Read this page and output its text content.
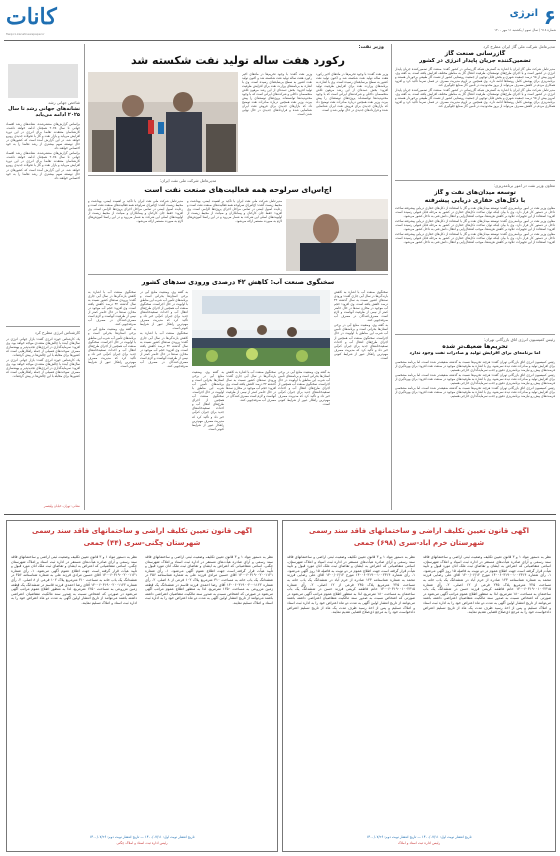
کانات
fiwqo1.kanatnewspaper.ir
۶
انرژی
شماره ۹۱۸ / سال سوم / یکشنبه ۱۱ مهر ۱۴۰۰
شاخص جهانی رشد
نشانه‌های جهانی رشد تا سال ۲۰۲۵ ادامه می‌یابد

براساس گزارش‌های منتشرشده، نشانه‌های رشد اقتصاد جهانی تا سال ۲۰۲۵ همچنان ادامه خواهد داشت. کارشناسان معتقدند تقاضا برای انرژی در این دوره افزایش می‌یابد و بازار نفت و گاز با تحولات جدیدی روبرو خواهد شد. در این گزارش آمده است که کشورهای در حال توسعه سهم بیشتری از رشد تقاضا را به خود اختصاص خواهند داد.

براساس گزارش‌های منتشرشده، نشانه‌های رشد اقتصاد جهانی تا سال ۲۰۲۵ همچنان ادامه خواهد داشت. کارشناسان معتقدند تقاضا برای انرژی در این دوره افزایش می‌یابد و بازار نفت و گاز با تحولات جدیدی روبرو خواهد شد. در این گزارش آمده است که کشورهای در حال توسعه سهم بیشتری از رشد تقاضا را به خود اختصاص خواهند داد.

کارشناس انرژی مطرح کرد

یک کارشناس حوزه انرژی گفت: بازار جهانی انرژی در سال‌های آینده با چالش‌های متعددی مواجه خواهد بود. وی افزود: سرمایه‌گذاری در انرژی‌های تجدیدپذیر و بهینه‌سازی مصرف سوخت‌های فسیلی از جمله راهکارهایی است که کشورها برای مقابله با این چالش‌ها در پیش گرفته‌اند.

یک کارشناس حوزه انرژی گفت: بازار جهانی انرژی در سال‌های آینده با چالش‌های متعددی مواجه خواهد بود. وی افزود: سرمایه‌گذاری در انرژی‌های تجدیدپذیر و بهینه‌سازی مصرف سوخت‌های فسیلی از جمله راهکارهایی است که کشورها برای مقابله با این چالش‌ها در پیش گرفته‌اند.

نشانی: تهران، خیابان ولیعصر
وزیر نفت:
رکورد هفت ساله تولید نفت شکسته شد

وزیر نفت گفت: با وجود تحریم‌ها در ماه‌های اخیر رکورد هفت ساله تولید نفت شکسته شد و اکنون تولید نفت کشور به سطح بی‌سابقه‌ای رسیده است. وی با اشاره به برنامه‌های وزارت نفت برای افزایش ظرفیت تولید افزود: بخش عمده‌ای از این رشد مرهون تلاش متخصصان داخلی و شرکت‌های ایرانی است که با وجود محدودیت‌ها توانسته‌اند پروژه‌های توسعه‌ای را پیش ببرند. وزیر نفت همچنین درباره صادرات نفت توضیح داد که بازارهای جدیدی برای فروش نفت ایران شناسایی شده و قراردادهای جدیدی در حال نهایی شدن است.

وزیر نفت گفت: با وجود تحریم‌ها در ماه‌های اخیر رکورد هفت ساله تولید نفت شکسته شد و اکنون تولید نفت کشور به سطح بی‌سابقه‌ای رسیده است. وی با اشاره به برنامه‌های وزارت نفت برای افزایش ظرفیت تولید افزود: بخش عمده‌ای از این رشد مرهون تلاش متخصصان داخلی و شرکت‌های ایرانی است که با وجود محدودیت‌ها توانسته‌اند پروژه‌های توسعه‌ای را پیش ببرند. وزیر نفت همچنین درباره صادرات نفت توضیح داد که بازارهای جدیدی برای فروش نفت ایران شناسایی شده و قراردادهای جدیدی در حال نهایی شدن است.

مدیرعامل شرکت ملی گاز ایران مطرح کرد
گازرسانی صنعت گاز
تضمین‌کننده جریان پایدار انرژی در کشور

مدیرعامل شرکت ملی گاز ایران با اشاره به گسترش شبکه گازرسانی در کشور گفت: صنعت گاز تضمین‌کننده جریان پایدار انرژی در کشور است و با اجرای طرح‌های توسعه‌ای، ظرفیت انتقال گاز به مناطق مختلف افزایش یافته است. به گفته وی، امروز بیش از ۹۵ درصد جمعیت شهری و بخش قابل توجهی از جمعیت روستایی کشور از نعمت گاز طبیعی برخوردار هستند و برنامه‌ریزی برای پوشش کامل روستاها ادامه دارد. وی همچنین بر لزوم مدیریت مصرف در فصل سرما تأکید کرد و افزود همکاری مردم در کاهش مصرف می‌تواند از بروز محدودیت در تأمین گاز صنایع جلوگیری کند.

مدیرعامل شرکت ملی گاز ایران با اشاره به گسترش شبکه گازرسانی در کشور گفت: صنعت گاز تضمین‌کننده جریان پایدار انرژی در کشور است و با اجرای طرح‌های توسعه‌ای، ظرفیت انتقال گاز به مناطق مختلف افزایش یافته است. به گفته وی، امروز بیش از ۹۵ درصد جمعیت شهری و بخش قابل توجهی از جمعیت روستایی کشور از نعمت گاز طبیعی برخوردار هستند و برنامه‌ریزی برای پوشش کامل روستاها ادامه دارد. وی همچنین بر لزوم مدیریت مصرف در فصل سرما تأکید کرد و افزود همکاری مردم در کاهش مصرف می‌تواند از بروز محدودیت در تأمین گاز صنایع جلوگیری کند.

مدیرعامل شرکت ملی نفت ایران:
اچ‌اس‌ای سرلوحه همه فعالیت‌های صنعت نفت است

مدیرعامل شرکت ملی نفت ایران با تأکید بر اهمیت ایمنی، بهداشت و محیط زیست گفت: اچ‌اس‌ای سرلوحه همه فعالیت‌های صنعت نفت است و رعایت اصول ایمنی در تمامی مراحل اجرای پروژه‌ها الزامی است. وی افزود: حفظ جان کارکنان و پیمانکاران و صیانت از محیط زیست از اولویت‌های اصلی این شرکت به شمار می‌رود و در این راستا آموزش‌های لازم به صورت مستمر ارائه می‌شود.

مدیرعامل شرکت ملی نفت ایران با تأکید بر اهمیت ایمنی، بهداشت و محیط زیست گفت: اچ‌اس‌ای سرلوحه همه فعالیت‌های صنعت نفت است و رعایت اصول ایمنی در تمامی مراحل اجرای پروژه‌ها الزامی است. وی افزود: حفظ جان کارکنان و پیمانکاران و صیانت از محیط زیست از اولویت‌های اصلی این شرکت به شمار می‌رود و در این راستا آموزش‌های لازم به صورت مستمر ارائه می‌شود.

معاون وزیر نفت در امور برنامه‌ریزی:
توسعه میدان‌های نفت و گاز
با دکل‌های حفاری دریایی پیشرفته

معاون وزیر نفت در امور برنامه‌ریزی گفت: توسعه میدان‌های نفت و گاز با استفاده از دکل‌های حفاری دریایی پیشرفته ساخت داخل در دستور کار قرار دارد. وی با بیان اینکه توان ساخت دکل‌های حفاری در کشور به مرحله قابل قبولی رسیده است، افزود: استفاده از این تجهیزات علاوه بر کاهش هزینه‌ها، موجب اشتغال‌زایی و انتقال دانش فنی به داخل کشور می‌شود.

معاون وزیر نفت در امور برنامه‌ریزی گفت: توسعه میدان‌های نفت و گاز با استفاده از دکل‌های حفاری دریایی پیشرفته ساخت داخل در دستور کار قرار دارد. وی با بیان اینکه توان ساخت دکل‌های حفاری در کشور به مرحله قابل قبولی رسیده است، افزود: استفاده از این تجهیزات علاوه بر کاهش هزینه‌ها، موجب اشتغال‌زایی و انتقال دانش فنی به داخل کشور می‌شود.

معاون وزیر نفت در امور برنامه‌ریزی گفت: توسعه میدان‌های نفت و گاز با استفاده از دکل‌های حفاری دریایی پیشرفته ساخت داخل در دستور کار قرار دارد. وی با بیان اینکه توان ساخت دکل‌های حفاری در کشور به مرحله قابل قبولی رسیده است، افزود: استفاده از این تجهیزات علاوه بر کاهش هزینه‌ها، موجب اشتغال‌زایی و انتقال دانش فنی به داخل کشور می‌شود.

رئیس کمیسیون انرژی اتاق بازرگانی تهران:
تحریم‌ها ضعیف‌تر شده
اما برنامه‌ای برای افزایش تولید و صادرات نفت وجود ندارد

رئیس کمیسیون انرژی اتاق بازرگانی تهران گفت: هرچند تحریم‌ها نسبت به گذشته ضعیف‌تر شده است، اما برنامه مشخصی برای افزایش تولید و صادرات نفت دیده نمی‌شود. وی با اشاره به ظرفیت‌های موجود در صنعت نفت افزود: برای بهره‌گیری از فرصت‌های پیش رو نیازمند برنامه‌ریزی دقیق و جذب سرمایه‌گذاری خارجی هستیم.

رئیس کمیسیون انرژی اتاق بازرگانی تهران گفت: هرچند تحریم‌ها نسبت به گذشته ضعیف‌تر شده است، اما برنامه مشخصی برای افزایش تولید و صادرات نفت دیده نمی‌شود. وی با اشاره به ظرفیت‌های موجود در صنعت نفت افزود: برای بهره‌گیری از فرصت‌های پیش رو نیازمند برنامه‌ریزی دقیق و جذب سرمایه‌گذاری خارجی هستیم.

رئیس کمیسیون انرژی اتاق بازرگانی تهران گفت: هرچند تحریم‌ها نسبت به گذشته ضعیف‌تر شده است، اما برنامه مشخصی برای افزایش تولید و صادرات نفت دیده نمی‌شود. وی با اشاره به ظرفیت‌های موجود در صنعت نفت افزود: برای بهره‌گیری از فرصت‌های پیش رو نیازمند برنامه‌ریزی دقیق و جذب سرمایه‌گذاری خارجی هستیم.

سخنگوی صنعت آب: کاهش ۴۲ درصدی ورودی سدهای کشور

سخنگوی صنعت آب با اشاره به کاهش بارندگی‌ها در سال آبی جاری گفت: ورودی سدهای کشور نسبت به سال گذشته ۴۲ درصد کاهش یافته است. وی افزود: حجم آب موجود در مخازن سدها در حال حاضر کمتر از نیمی از ظرفیت آنهاست و لازم است مصرف‌کنندگان در مصرف آب صرفه‌جویی کنند.

به گفته وی، وضعیت منابع آبی در برخی استان‌ها بحرانی است و برنامه‌های تأمین آب شرب این مناطق با اولویت در حال اجراست. سخنگوی صنعت آب همچنین از اجرای طرح‌های انتقال آب و احداث تصفیه‌خانه‌های جدید برای جبران کم‌آبی خبر داد و تأکید کرد که مدیریت مصرف مهم‌ترین راهکار عبور از شرایط کنونی است.

به گفته وی، وضعیت منابع آبی در برخی استان‌ها بحرانی است و برنامه‌های تأمین آب شرب این مناطق با اولویت در حال اجراست. سخنگوی صنعت آب همچنین از اجرای طرح‌های انتقال آب و احداث تصفیه‌خانه‌های جدید برای جبران کم‌آبی خبر داد و تأکید کرد که مدیریت مصرف مهم‌ترین راهکار عبور از شرایط کنونی است.

سخنگوی صنعت آب با اشاره به کاهش بارندگی‌ها در سال آبی جاری گفت: ورودی سدهای کشور نسبت به سال گذشته ۴۲ درصد کاهش یافته است. وی افزود: حجم آب موجود در مخازن سدها در حال حاضر کمتر از نیمی از ظرفیت آنهاست و لازم است مصرف‌کنندگان در مصرف آب صرفه‌جویی کنند.

به گفته وی، وضعیت منابع آبی در برخی استان‌ها بحرانی است و برنامه‌های تأمین آب شرب این مناطق با اولویت در حال اجراست. سخنگوی صنعت آب همچنین از اجرای طرح‌های انتقال آب و احداث تصفیه‌خانه‌های جدید برای جبران کم‌آبی خبر داد و تأکید کرد که مدیریت مصرف مهم‌ترین راهکار عبور از شرایط کنونی است.

سخنگوی صنعت آب با اشاره به کاهش بارندگی‌ها در سال آبی جاری گفت: ورودی سدهای کشور نسبت به سال گذشته ۴۲ درصد کاهش یافته است. وی افزود: حجم آب موجود در مخازن سدها در حال حاضر کمتر از نیمی از ظرفیت آنهاست و لازم است مصرف‌کنندگان در مصرف آب صرفه‌جویی کنند.

سخنگوی صنعت آب با اشاره به کاهش بارندگی‌ها در سال آبی جاری گفت: ورودی سدهای کشور نسبت به سال گذشته ۴۲ درصد کاهش یافته است. وی افزود: حجم آب موجود در مخازن سدها در حال حاضر کمتر از نیمی از ظرفیت آنهاست و لازم است مصرف‌کنندگان در مصرف آب صرفه‌جویی کنند.

به گفته وی، وضعیت منابع آبی در برخی استان‌ها بحرانی است و برنامه‌های تأمین آب شرب این مناطق با اولویت در حال اجراست. سخنگوی صنعت آب همچنین از اجرای طرح‌های انتقال آب و احداث تصفیه‌خانه‌های جدید برای جبران کم‌آبی خبر داد و تأکید کرد که مدیریت مصرف مهم‌ترین راهکار عبور از شرایط کنونی است.

به گفته وی، وضعیت منابع آبی در برخی استان‌ها بحرانی است و برنامه‌های تأمین آب شرب این مناطق با اولویت در حال اجراست. سخنگوی صنعت آب همچنین از اجرای طرح‌های انتقال آب و احداث تصفیه‌خانه‌های جدید برای جبران کم‌آبی خبر داد و تأکید کرد که مدیریت مصرف مهم‌ترین راهکار عبور از شرایط کنونی است.

آگهی قانون تعیین تکلیف اراضی و ساختمانهای فاقد سند رسمی
شهرستان خرم آباد-سری (۶۹۸) جمعی

نظر به دستور مواد ۱ و ۳ قانون تعیین تکلیف وضعیت ثبتی اراضی و ساختمانهای فاقد سند رسمی و آرای صادره هیأت‌های مستقر در اداره ثبت اسناد و املاک شهرستان، اسامی متقاضیانی که اعتراض به ایشان و تقاضای ثبت ملک آنان مورد قبول و تأیید هیأت قرار گرفته است جهت اطلاع عموم در دو نوبت به فاصله ۱۵ روز آگهی می‌شود. ۱- رأی شماره ۱۴۰۰۶۰۳۱۹۰۰۱۰۰۲۳۱۴ مورخ ۱۴۰۰/۰۶/۱۲ آقای علی رضایی فرزند محمد به شماره شناسنامه ۱۲۳ صادره از خرم آباد در ششدانگ یک باب خانه به مساحت ۲۲۵ مترمربع پلاک ۲۴۵ فرعی از ۱۲ اصلی. ۲- رأی شماره ۱۴۰۰۶۰۳۱۹۰۰۱۰۰۲۳۱۵ خانم فاطمه کریمی فرزند حسن در ششدانگ یک باب ساختمان به مساحت ۱۸۰ مترمربع. لذا به منظور اطلاع عموم مراتب آگهی می‌شود در صورتی که اشخاص نسبت به صدور سند مالکیت متقاضیان اعتراضی داشته باشند می‌توانند از تاریخ انتشار اولین آگهی به مدت دو ماه اعتراض خود را به اداره ثبت اسناد و املاک تسلیم و پس از اخذ رسید ظرف مدت یک ماه از تاریخ تسلیم اعتراض دادخواست خود را به مرجع ذی‌صلاح قضایی تقدیم نمایند.

نظر به دستور مواد ۱ و ۳ قانون تعیین تکلیف وضعیت ثبتی اراضی و ساختمانهای فاقد سند رسمی و آرای صادره هیأت‌های مستقر در اداره ثبت اسناد و املاک شهرستان، اسامی متقاضیانی که اعتراض به ایشان و تقاضای ثبت ملک آنان مورد قبول و تأیید هیأت قرار گرفته است جهت اطلاع عموم در دو نوبت به فاصله ۱۵ روز آگهی می‌شود. ۱- رأی شماره ۱۴۰۰۶۰۳۱۹۰۰۱۰۰۲۳۱۴ مورخ ۱۴۰۰/۰۶/۱۲ آقای علی رضایی فرزند محمد به شماره شناسنامه ۱۲۳ صادره از خرم آباد در ششدانگ یک باب خانه به مساحت ۲۲۵ مترمربع پلاک ۲۴۵ فرعی از ۱۲ اصلی. ۲- رأی شماره ۱۴۰۰۶۰۳۱۹۰۰۱۰۰۲۳۱۵ خانم فاطمه کریمی فرزند حسن در ششدانگ یک باب ساختمان به مساحت ۱۸۰ مترمربع. لذا به منظور اطلاع عموم مراتب آگهی می‌شود در صورتی که اشخاص نسبت به صدور سند مالکیت متقاضیان اعتراضی داشته باشند می‌توانند از تاریخ انتشار اولین آگهی به مدت دو ماه اعتراض خود را به اداره ثبت اسناد و املاک تسلیم و پس از اخذ رسید ظرف مدت یک ماه از تاریخ تسلیم اعتراض دادخواست خود را به مرجع ذی‌صلاح قضایی تقدیم نمایند.

تاریخ انتشار نوبت اول: ۱۴۰۰/۰۷/۱۱ — تاریخ انتشار نوبت دوم: ۱۴۰۰/۰۷/۲۶
رئیس اداره ثبت اسناد و املاک
آگهی قانون تعیین تکلیف اراضی و ساختمانهای فاقد سند رسمی
شهرستان چگنی-سری (۴۴) جمعی

نظر به دستور مواد ۱ و ۳ قانون تعیین تکلیف وضعیت ثبتی اراضی و ساختمانهای فاقد سند رسمی و آرای صادره هیأت‌های مستقر در اداره ثبت اسناد و املاک شهرستان چگنی، اسامی متقاضیانی که اعتراض به ایشان و تقاضای ثبت ملک آنان مورد قبول و تأیید هیأت قرار گرفته است جهت اطلاع عموم آگهی می‌شود. ۱- رأی شماره ۱۴۰۰۶۰۳۱۹۰۰۲۰۰۱۱۲۱ آقای حسین مرادی فرزند علی به شماره شناسنامه ۴۵۶ در ششدانگ یک باب خانه به مساحت ۳۱۰ مترمربع پلاک ۱۰۲ فرعی از ۸ اصلی. ۲- رأی شماره ۱۴۰۰۶۰۳۱۹۰۰۲۰۰۱۱۲۲ آقای رضا احمدی فرزند قاسم در ششدانگ یک قطعه زمین مزروعی به مساحت ۱۲۵۰ مترمربع. لذا به منظور اطلاع عموم مراتب آگهی می‌شود در صورتی که اشخاص نسبت به صدور سند مالکیت متقاضیان اعتراضی داشته باشند می‌توانند از تاریخ انتشار اولین آگهی به مدت دو ماه اعتراض خود را به اداره ثبت اسناد و املاک تسلیم نمایند.

نظر به دستور مواد ۱ و ۳ قانون تعیین تکلیف وضعیت ثبتی اراضی و ساختمانهای فاقد سند رسمی و آرای صادره هیأت‌های مستقر در اداره ثبت اسناد و املاک شهرستان چگنی، اسامی متقاضیانی که اعتراض به ایشان و تقاضای ثبت ملک آنان مورد قبول و تأیید هیأت قرار گرفته است جهت اطلاع عموم آگهی می‌شود. ۱- رأی شماره ۱۴۰۰۶۰۳۱۹۰۰۲۰۰۱۱۲۱ آقای حسین مرادی فرزند علی به شماره شناسنامه ۴۵۶ در ششدانگ یک باب خانه به مساحت ۳۱۰ مترمربع پلاک ۱۰۲ فرعی از ۸ اصلی. ۲- رأی شماره ۱۴۰۰۶۰۳۱۹۰۰۲۰۰۱۱۲۲ آقای رضا احمدی فرزند قاسم در ششدانگ یک قطعه زمین مزروعی به مساحت ۱۲۵۰ مترمربع. لذا به منظور اطلاع عموم مراتب آگهی می‌شود در صورتی که اشخاص نسبت به صدور سند مالکیت متقاضیان اعتراضی داشته باشند می‌توانند از تاریخ انتشار اولین آگهی به مدت دو ماه اعتراض خود را به اداره ثبت اسناد و املاک تسلیم نمایند.

تاریخ انتشار نوبت اول: ۱۴۰۰/۰۷/۱۱ — تاریخ انتشار نوبت دوم: ۱۴۰۰/۰۷/۲۶
رئیس اداره ثبت اسناد و املاک چگنی
